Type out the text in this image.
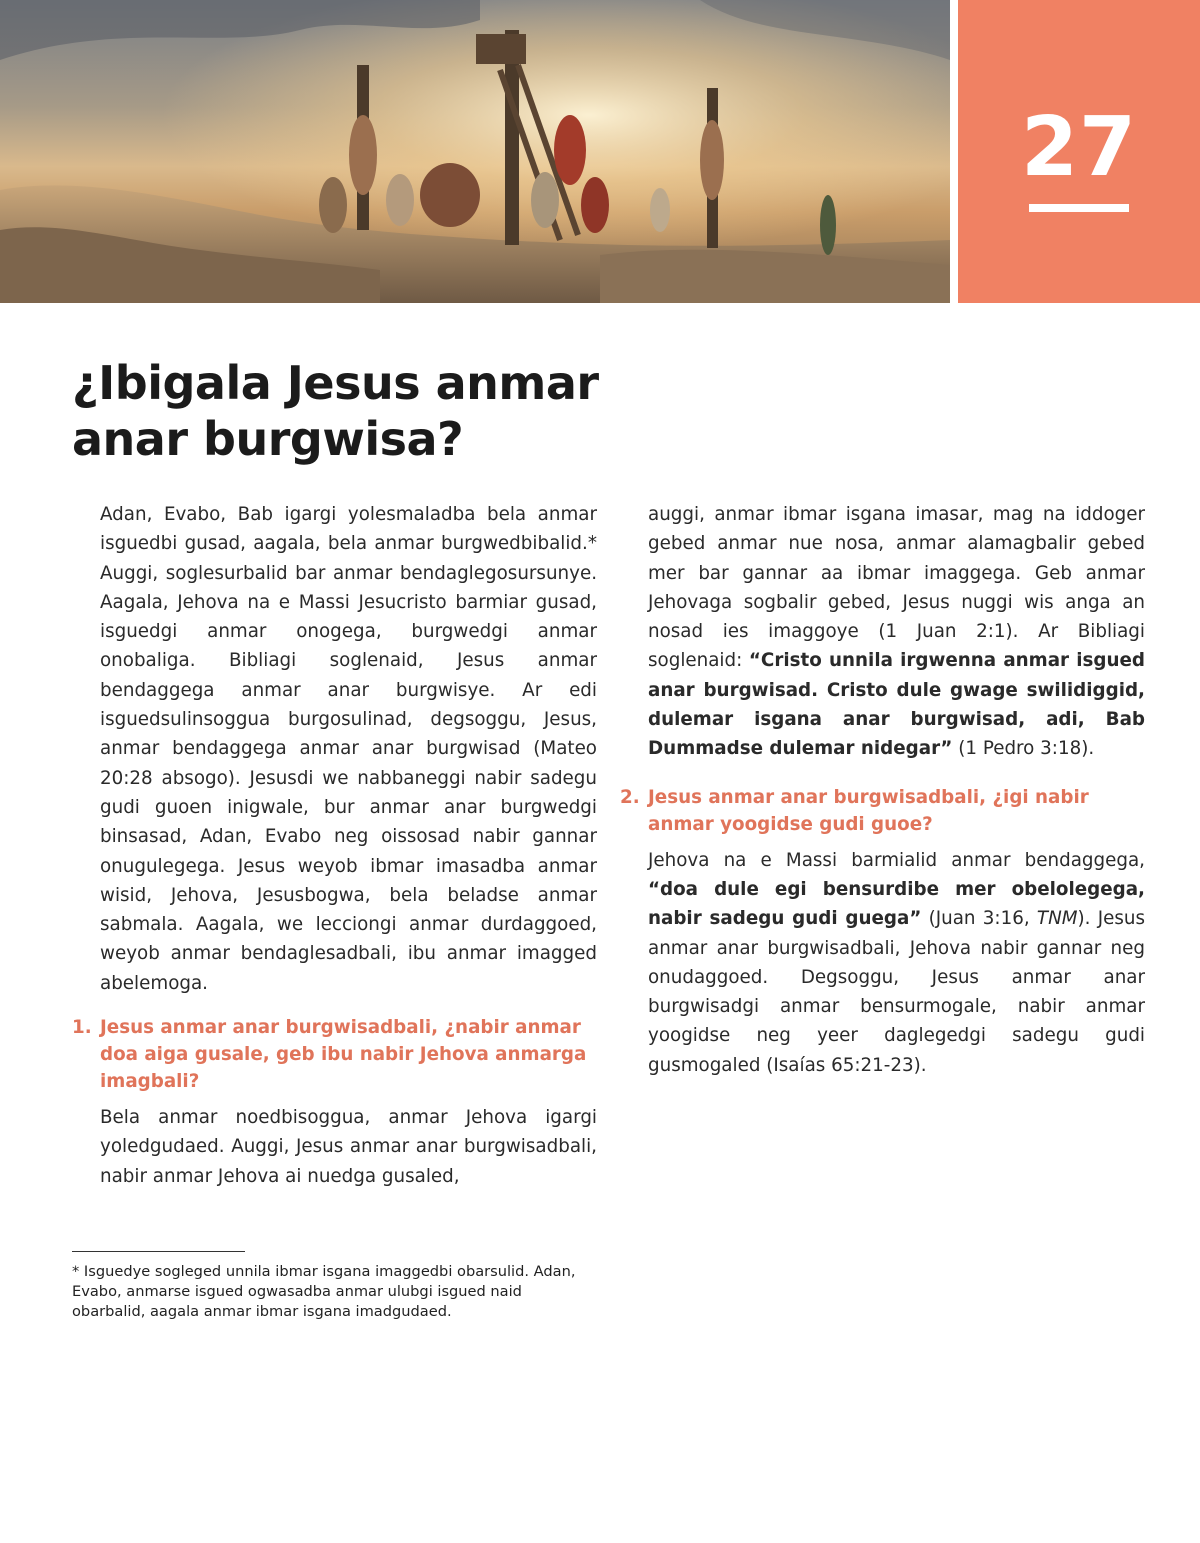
27
¿Ibigala Jesus anmar
anar burgwisa?

Adan, Evabo, Bab igargi yolesmaladba bela anmar isguedbi gusad, aagala, bela anmar burgwedbibalid.* Auggi, soglesurbalid bar anmar bendaglegosursunye. Aagala, Jehova na e Massi Jesucristo barmiar gusad, isguedgi anmar onogega, burgwedgi anmar onobaliga. Bibliagi soglenaid, Jesus anmar bendaggega anmar anar burgwisye. Ar edi isguedsulinsoggua burgosulinad, degsoggu, Jesus, anmar bendaggega anmar anar burgwisad (Mateo 20:28 absogo). Jesusdi we nabbaneggi nabir sadegu gudi guoen inigwale, bur anmar anar burgwedgi binsasad, Adan, Evabo neg oissosad nabir gannar onugulegega. Jesus weyob ibmar imasadba anmar wisid, Jehova, Jesusbogwa, bela beladse anmar sabmala. Aagala, we lecciongi anmar durdaggoed, weyob anmar bendaglesadbali, ibu anmar imagged abelemoga.

1. Jesus anmar anar burgwisadbali, ¿nabir anmar doa aiga gusale, geb ibu nabir Jehova anmarga imagbali?

Bela anmar noedbisoggua, anmar Jehova igargi yoledgudaed. Auggi, Jesus anmar anar burgwisadbali, nabir anmar Jehova ai nuedga gusaled,

auggi, anmar ibmar isgana imasar, mag na iddoger gebed anmar nue nosa, anmar alamagbalir gebed mer bar gannar aa ibmar imaggega. Geb anmar Jehovaga sogbalir gebed, Jesus nuggi wis anga an nosad ies imaggoye (1 Juan 2:1). Ar Bibliagi soglenaid: “Cristo unnila irgwenna anmar isgued anar burgwisad. Cristo dule gwage swilidiggid, dulemar isgana anar burgwisad, adi, Bab Dummadse dulemar nidegar” (1 Pedro 3:18).

2. Jesus anmar anar burgwisadbali, ¿igi nabir anmar yoogidse gudi guoe?

Jehova na e Massi barmialid anmar bendaggega, “doa dule egi bensurdibe mer obelolegega, nabir sadegu gudi guega” (Juan 3:16, TNM). Jesus anmar anar burgwisadbali, Jehova nabir gannar neg onudaggoed. Degsoggu, Jesus anmar anar burgwisadgi anmar bensurmogale, nabir anmar yoogidse neg yeer daglegedgi sadegu gudi gusmogaled (Isaías 65:21-23).

* Isguedye sogleged unnila ibmar isgana imaggedbi obarsulid. Adan, Evabo, anmarse isgued ogwasadba anmar ulubgi isgued naid obarbalid, aagala anmar ibmar isgana imadgudaed.
